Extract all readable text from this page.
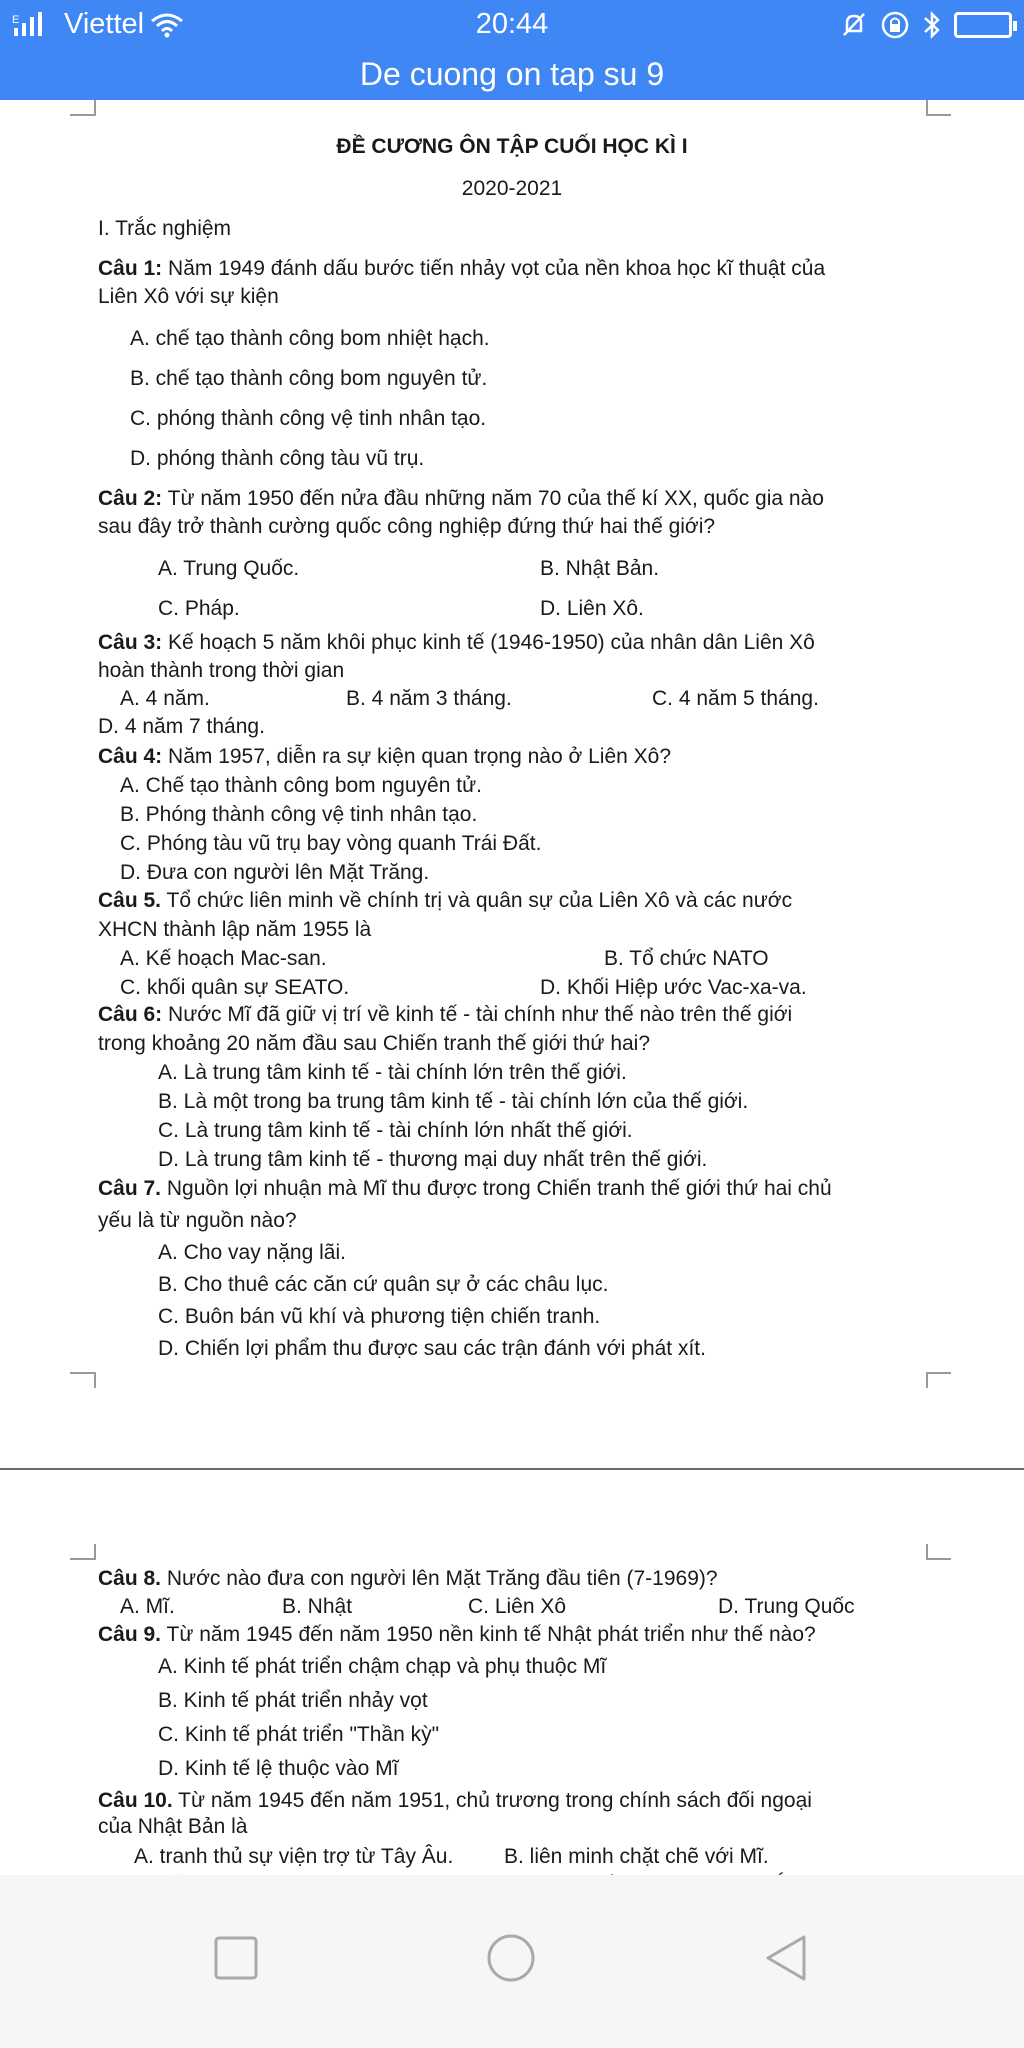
E Viettel	20:44
De cuong on tap su 9
ĐỀ CƯƠNG ÔN TẬP CUỐI HỌC KÌ I
2020-2021
I. Trắc nghiệm
Câu 1: Năm 1949 đánh dấu bước tiến nhảy vọt của nền khoa học kĩ thuật của
Liên Xô với sự kiện
A. chế tạo thành công bom nhiệt hạch.
B. chế tạo thành công bom nguyên tử.
C. phóng thành công vệ tinh nhân tạo.
D. phóng thành công tàu vũ trụ.
Câu 2: Từ năm 1950 đến nửa đầu những năm 70 của thế kí XX, quốc gia nào
sau đây trở thành cường quốc công nghiệp đứng thứ hai thế giới?
A. Trung Quốc.	B. Nhật Bản.
C. Pháp.	D. Liên Xô.
Câu 3: Kế hoạch 5 năm khôi phục kinh tế (1946-1950) của nhân dân Liên Xô
hoàn thành trong thời gian
A. 4 năm.	B. 4 năm 3 tháng.	C. 4 năm 5 tháng.
D. 4 năm 7 tháng.
Câu 4: Năm 1957, diễn ra sự kiện quan trọng nào ở Liên Xô?
A. Chế tạo thành công bom nguyên tử.
B. Phóng thành công vệ tinh nhân tạo.
C. Phóng tàu vũ trụ bay vòng quanh Trái Đất.
D. Đưa con người lên Mặt Trăng.
Câu 5. Tổ chức liên minh về chính trị và quân sự của Liên Xô và các nước
XHCN thành lập năm 1955 là
A. Kế hoạch Mac-san.	B. Tổ chức NATO
C. khối quân sự SEATO.	D. Khối Hiệp ước Vac-xa-va.
Câu 6: Nước Mĩ đã giữ vị trí về kinh tế - tài chính như thế nào trên thế giới
trong khoảng 20 năm đầu sau Chiến tranh thế giới thứ hai?
A. Là trung tâm kinh tế - tài chính lớn trên thế giới.
B. Là một trong ba trung tâm kinh tế - tài chính lớn của thế giới.
C. Là trung tâm kinh tế - tài chính lớn nhất thế giới.
D. Là trung tâm kinh tế - thương mại duy nhất trên thế giới.
Câu 7. Nguồn lợi nhuận mà Mĩ thu được trong Chiến tranh thế giới thứ hai chủ
yếu là từ nguồn nào?
A. Cho vay nặng lãi.
B. Cho thuê các căn cứ quân sự ở các châu lục.
C. Buôn bán vũ khí và phương tiện chiến tranh.
D. Chiến lợi phẩm thu được sau các trận đánh với phát xít.
Câu 8. Nước nào đưa con người lên Mặt Trăng đầu tiên (7-1969)?
A. Mĩ.	B. Nhật	C. Liên Xô	D. Trung Quốc
Câu 9. Từ năm 1945 đến năm 1950 nền kinh tế Nhật phát triển như thế nào?
A. Kinh tế phát triển chậm chạp và phụ thuộc Mĩ
B. Kinh tế phát triển nhảy vọt
C. Kinh tế phát triển "Thần kỳ"
D. Kinh tế lệ thuộc vào Mĩ
Câu 10. Từ năm 1945 đến năm 1951, chủ trương trong chính sách đối ngoại
của Nhật Bản là
A. tranh thủ sự viện trợ từ Tây Âu. B. liên minh chặt chẽ với Mĩ.
